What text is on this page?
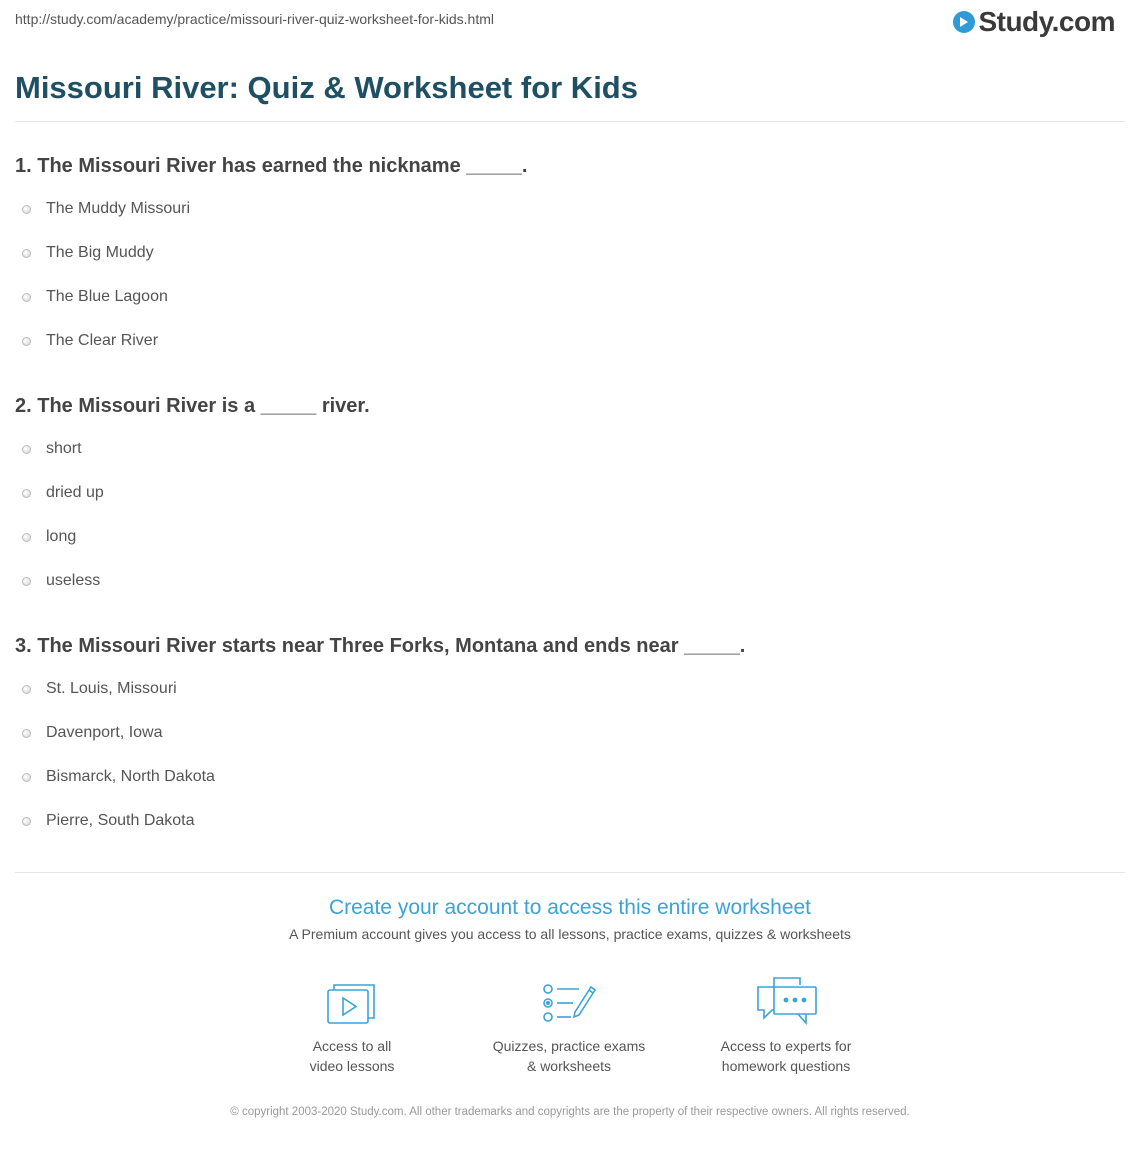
http://study.com/academy/practice/missouri-river-quiz-worksheet-for-kids.html	Study.com
Missouri River: Quiz & Worksheet for Kids
1. The Missouri River has earned the nickname _____.
The Muddy Missouri
The Big Muddy
The Blue Lagoon
The Clear River
2. The Missouri River is a _____ river.
short
dried up
long
useless
3. The Missouri River starts near Three Forks, Montana and ends near _____.
St. Louis, Missouri
Davenport, Iowa
Bismarck, North Dakota
Pierre, South Dakota
Create your account to access this entire worksheet
A Premium account gives you access to all lessons, practice exams, quizzes & worksheets
Access to all
video lessons
Quizzes, practice exams
& worksheets
Access to experts for
homework questions
© copyright 2003-2020 Study.com. All other trademarks and copyrights are the property of their respective owners. All rights reserved.
